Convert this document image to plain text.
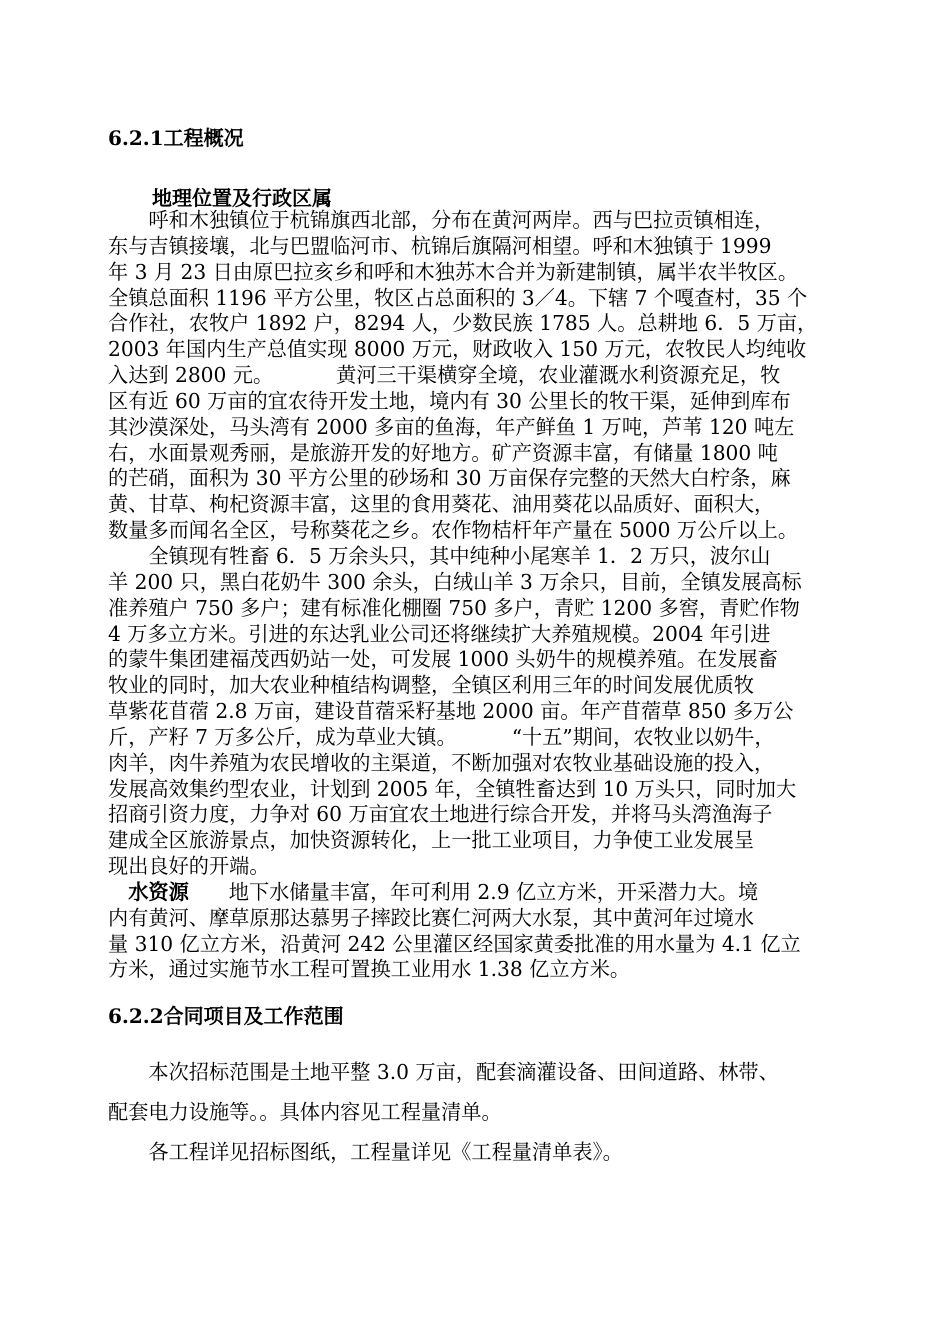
6.2.1工程概况
地理位置及行政区属
　　呼和木独镇位于杭锦旗西北部，分布在黄河两岸。西与巴拉贡镇相连，
东与吉镇接壤，北与巴盟临河市、杭锦后旗隔河相望。呼和木独镇于 1999
年 3 月 23 日由原巴拉亥乡和呼和木独苏木合并为新建制镇，属半农半牧区。
全镇总面积 1196 平方公里，牧区占总面积的 3／4。下辖 7 个嘎查村，35 个
合作社，农牧户 1892 户，8294 人，少数民族 1785 人。总耕地 6．5 万亩，
2003 年国内生产总值实现 8000 万元，财政收入 150 万元，农牧民人均纯收
入达到 2800 元。	黄河三干渠横穿全境，农业灌溉水利资源充足，牧
区有近 60 万亩的宜农待开发土地，境内有 30 公里长的牧干渠，延伸到库布
其沙漠深处，马头湾有 2000 多亩的鱼海，年产鲜鱼 1 万吨，芦苇 120 吨左
右，水面景观秀丽，是旅游开发的好地方。矿产资源丰富，有储量 1800 吨
的芒硝，面积为 30 平方公里的砂场和 30 万亩保存完整的天然大白柠条，麻
黄、甘草、枸杞资源丰富，这里的食用葵花、油用葵花以品质好、面积大，
数量多而闻名全区，号称葵花之乡。农作物桔杆年产量在 5000 万公斤以上。
　　全镇现有牲畜 6．5 万余头只，其中纯种小尾寒羊 1．2 万只，波尔山
羊 200 只，黑白花奶牛 300 余头，白绒山羊 3 万余只，目前，全镇发展高标
准养殖户 750 多户；建有标准化棚圈 750 多户，青贮 1200 多窖，青贮作物
4 万多立方米。引进的东达乳业公司还将继续扩大养殖规模。2004 年引进
的蒙牛集团建福茂西奶站一处，可发展 1000 头奶牛的规模养殖。在发展畜
牧业的同时，加大农业种植结构调整，全镇区利用三年的时间发展优质牧
草紫花苜蓿 2.8 万亩，建设苜蓿采籽基地 2000 亩。年产苜蓿草 850 多万公
斤，产籽 7 万多公斤，成为草业大镇。	“十五”期间，农牧业以奶牛，
肉羊，肉牛养殖为农民增收的主渠道，不断加强对农牧业基础设施的投入，
发展高效集约型农业，计划到 2005 年，全镇牲畜达到 10 万头只，同时加大
招商引资力度，力争对 60 万亩宜农土地进行综合开发，并将马头湾渔海子
建成全区旅游景点，加快资源转化，上一批工业项目，力争使工业发展呈
现出良好的开端。
　水资源 地下水储量丰富，年可利用 2.9 亿立方米，开采潜力大。境
内有黄河、摩草原那达慕男子摔跤比赛仁河两大水泵，其中黄河年过境水
量 310 亿立方米，沿黄河 242 公里灌区经国家黄委批准的用水量为 4.1 亿立
方米，通过实施节水工程可置换工业用水 1.38 亿立方米。
6.2.2合同项目及工作范围

　　本次招标范围是土地平整 3.0 万亩，配套滴灌设备、田间道路、林带、

配套电力设施等。。具体内容见工程量清单。

　　各工程详见招标图纸，工程量详见《工程量清单表》。
